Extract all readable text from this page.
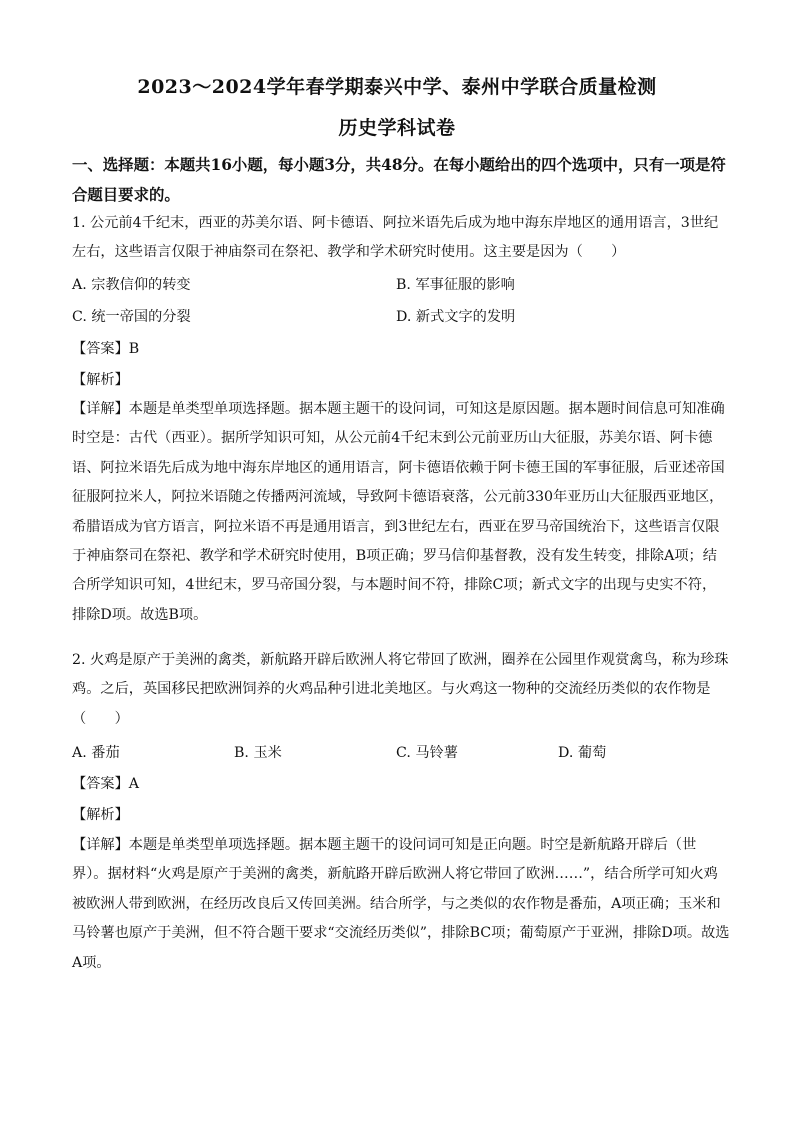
2023～2024学年春学期泰兴中学、泰州中学联合质量检测
历史学科试卷
一、选择题：本题共16小题，每小题3分，共48分。在每小题给出的四个选项中，只有一项是符合题目要求的。
1. 公元前4千纪末，西亚的苏美尔语、阿卡德语、阿拉米语先后成为地中海东岸地区的通用语言，3世纪左右，这些语言仅限于神庙祭司在祭祀、教学和学术研究时使用。这主要是因为（　　）
A. 宗教信仰的转变	B. 军事征服的影响
C. 统一帝国的分裂	D. 新式文字的发明
【答案】B
【解析】
【详解】本题是单类型单项选择题。据本题主题干的设问词，可知这是原因题。据本题时间信息可知准确时空是：古代（西亚）。据所学知识可知，从公元前4千纪末到公元前亚历山大征服，苏美尔语、阿卡德语、阿拉米语先后成为地中海东岸地区的通用语言，阿卡德语依赖于阿卡德王国的军事征服，后亚述帝国征服阿拉米人，阿拉米语随之传播两河流域，导致阿卡德语衰落，公元前330年亚历山大征服西亚地区，希腊语成为官方语言，阿拉米语不再是通用语言，到3世纪左右，西亚在罗马帝国统治下，这些语言仅限于神庙祭司在祭祀、教学和学术研究时使用，B项正确；罗马信仰基督教，没有发生转变，排除A项；结合所学知识可知，4世纪末，罗马帝国分裂，与本题时间不符，排除C项；新式文字的出现与史实不符，排除D项。故选B项。
2. 火鸡是原产于美洲的禽类，新航路开辟后欧洲人将它带回了欧洲，圈养在公园里作观赏禽鸟，称为珍珠鸡。之后，英国移民把欧洲饲养的火鸡品种引进北美地区。与火鸡这一物种的交流经历类似的农作物是（　　）
A. 番茄	B. 玉米	C. 马铃薯	D. 葡萄
【答案】A
【解析】
【详解】本题是单类型单项选择题。据本题主题干的设问词可知是正向题。时空是新航路开辟后（世界）。据材料“火鸡是原产于美洲的禽类，新航路开辟后欧洲人将它带回了欧洲……”，结合所学可知火鸡被欧洲人带到欧洲，在经历改良后又传回美洲。结合所学，与之类似的农作物是番茄，A项正确；玉米和马铃薯也原产于美洲，但不符合题干要求“交流经历类似”，排除BC项；葡萄原产于亚洲，排除D项。故选A项。
